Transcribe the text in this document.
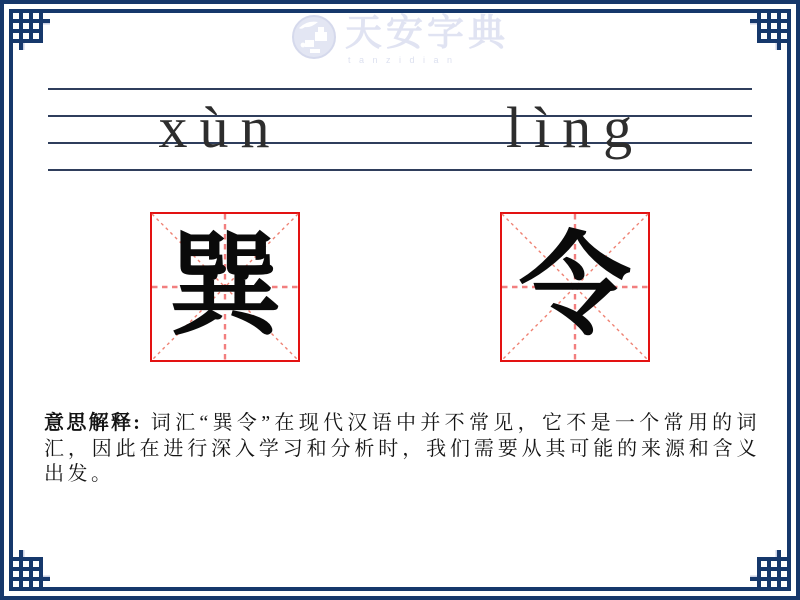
天安字典
tanzidian
xùn	lìng
巽 令
意思解释: 词汇“巽令”在现代汉语中并不常见，它不是一个常用的词汇，因此在进行深入学习和分析时，我们需要从其可能的来源和含义出发。
